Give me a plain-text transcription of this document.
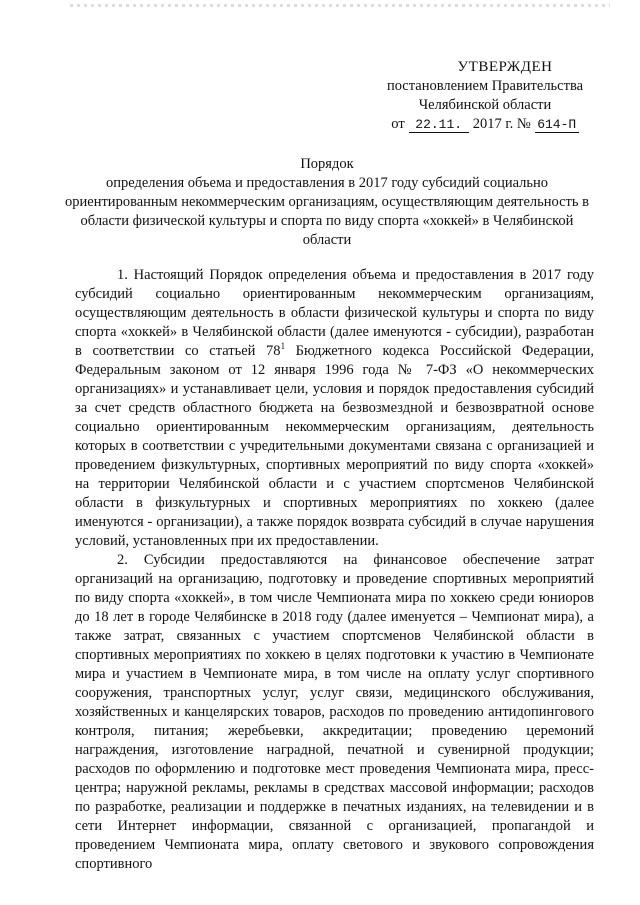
УТВЕРЖДЕН
постановлением Правительства
Челябинской области
от 22.11. 2017 г. № 614-П
Порядок
определения объема и предоставления в 2017 году субсидий социально ориентированным некоммерческим организациям, осуществляющим деятельность в области физической культуры и спорта по виду спорта «хоккей» в Челябинской области

1. Настоящий Порядок определения объема и предоставления в 2017 году субсидий социально ориентированным некоммерческим организациям, осуществляющим деятельность в области физической культуры и спорта по виду спорта «хоккей» в Челябинской области (далее именуются - субсидии), разработан в соответствии со статьей $78^1$ Бюджетного кодекса Российской Федерации, Федеральным законом от 12 января 1996 года № 7-ФЗ «О некоммерческих организациях» и устанавливает цели, условия и порядок предоставления субсидий за счет средств областного бюджета на безвозмездной и безвозвратной основе социально ориентированным некоммерческим организациям, деятельность которых в соответствии с учредительными документами связана с организацией и проведением физкультурных, спортивных мероприятий по виду спорта «хоккей» на территории Челябинской области и с участием спортсменов Челябинской области в физкультурных и спортивных мероприятиях по хоккею (далее именуются - организации), а также порядок возврата субсидий в случае нарушения условий, установленных при их предоставлении.

2. Субсидии предоставляются на финансовое обеспечение затрат организаций на организацию, подготовку и проведение спортивных мероприятий по виду спорта «хоккей», в том числе Чемпионата мира по хоккею среди юниоров до 18 лет в городе Челябинске в 2018 году (далее именуется – Чемпионат мира), а также затрат, связанных с участием спортсменов Челябинской области в спортивных мероприятиях по хоккею в целях подготовки к участию в Чемпионате мира и участием в Чемпионате мира, в том числе на оплату услуг спортивного сооружения, транспортных услуг, услуг связи, медицинского обслуживания, хозяйственных и канцелярских товаров, расходов по проведению антидопингового контроля, питания; жеребьевки, аккредитации; проведению церемоний награждения, изготовление наградной, печатной и сувенирной продукции; расходов по оформлению и подготовке мест проведения Чемпионата мира, пресс-центра; наружной рекламы, рекламы в средствах массовой информации; расходов по разработке, реализации и поддержке в печатных изданиях, на телевидении и в сети Интернет информации, связанной с организацией, пропагандой и проведением Чемпионата мира, оплату светового и звукового сопровождения спортивного
